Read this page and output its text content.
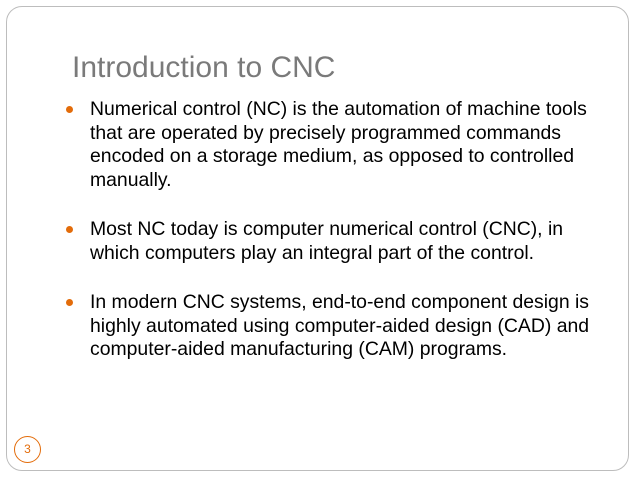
Introduction to CNC
Numerical control (NC) is the automation of machine tools that are operated by precisely programmed commands encoded on a storage medium, as opposed to controlled manually.
Most NC today is computer numerical control (CNC), in which computers play an integral part of the control.
In modern CNC systems, end-to-end component design is highly automated using computer-aided design (CAD) and computer-aided manufacturing (CAM) programs.
3
